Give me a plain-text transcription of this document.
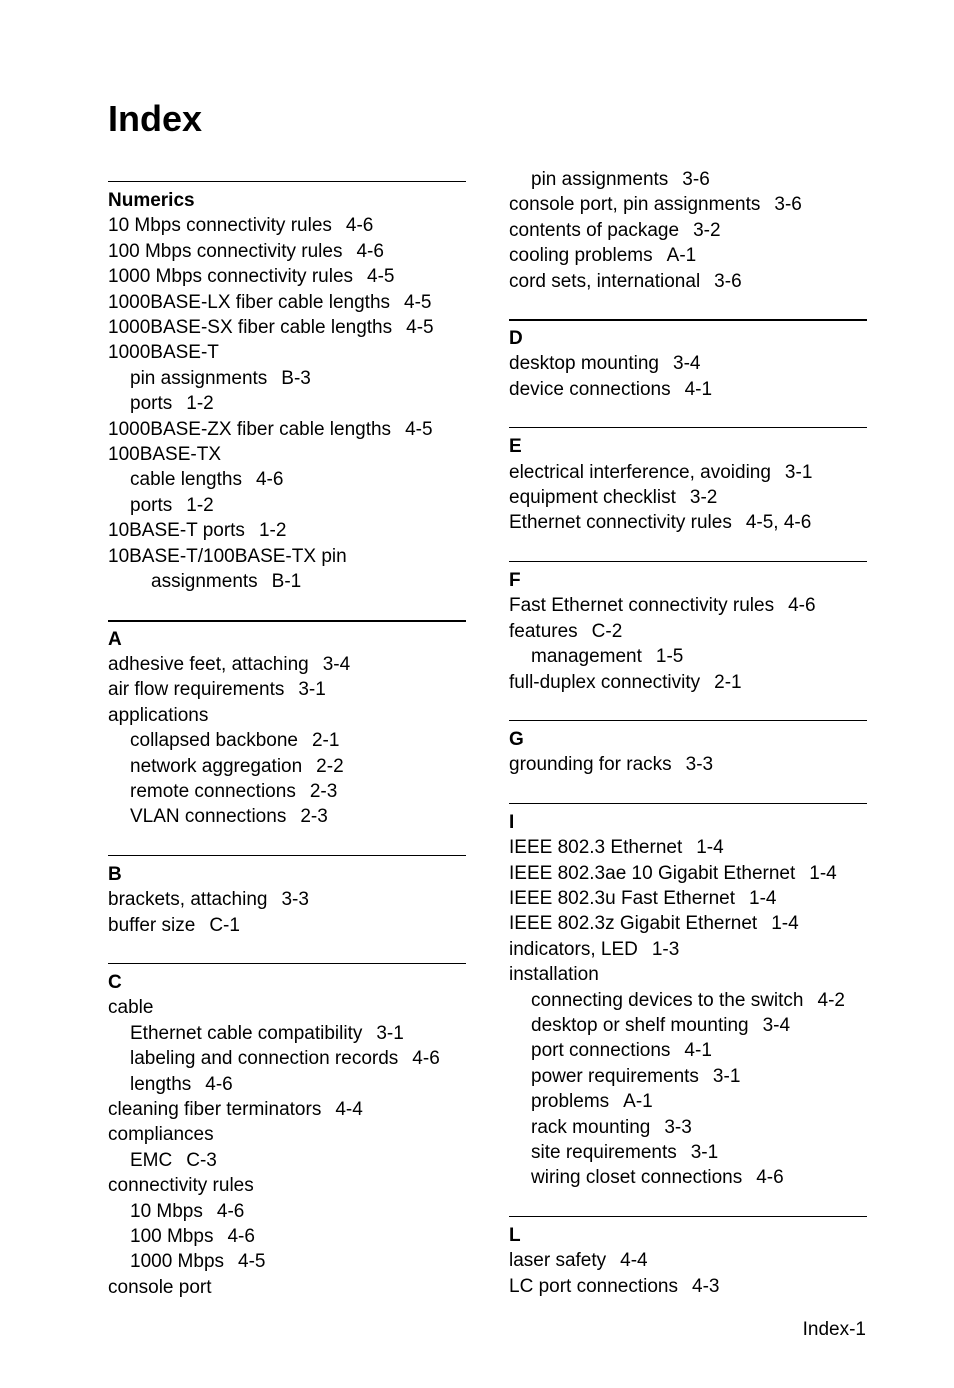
Index
Numerics
10 Mbps connectivity rules 4-6
100 Mbps connectivity rules 4-6
1000 Mbps connectivity rules 4-5
1000BASE-LX fiber cable lengths 4-5
1000BASE-SX fiber cable lengths 4-5
1000BASE-T
pin assignments B-3
ports 1-2
1000BASE-ZX fiber cable lengths 4-5
100BASE-TX
cable lengths 4-6
ports 1-2
10BASE-T ports 1-2
10BASE-T/100BASE-TX pin
assignments B-1
A
adhesive feet, attaching 3-4
air flow requirements 3-1
applications
collapsed backbone 2-1
network aggregation 2-2
remote connections 2-3
VLAN connections 2-3
B
brackets, attaching 3-3
buffer size C-1
C
cable
Ethernet cable compatibility 3-1
labeling and connection records 4-6
lengths 4-6
cleaning fiber terminators 4-4
compliances
EMC C-3
connectivity rules
10 Mbps 4-6
100 Mbps 4-6
1000 Mbps 4-5
console port
pin assignments 3-6
console port, pin assignments 3-6
contents of package 3-2
cooling problems A-1
cord sets, international 3-6
D
desktop mounting 3-4
device connections 4-1
E
electrical interference, avoiding 3-1
equipment checklist 3-2
Ethernet connectivity rules 4-5, 4-6
F
Fast Ethernet connectivity rules 4-6
features C-2
management 1-5
full-duplex connectivity 2-1
G
grounding for racks 3-3
I
IEEE 802.3 Ethernet 1-4
IEEE 802.3ae 10 Gigabit Ethernet 1-4
IEEE 802.3u Fast Ethernet 1-4
IEEE 802.3z Gigabit Ethernet 1-4
indicators, LED 1-3
installation
connecting devices to the switch 4-2
desktop or shelf mounting 3-4
port connections 4-1
power requirements 3-1
problems A-1
rack mounting 3-3
site requirements 3-1
wiring closet connections 4-6
L
laser safety 4-4
LC port connections 4-3
Index-1
